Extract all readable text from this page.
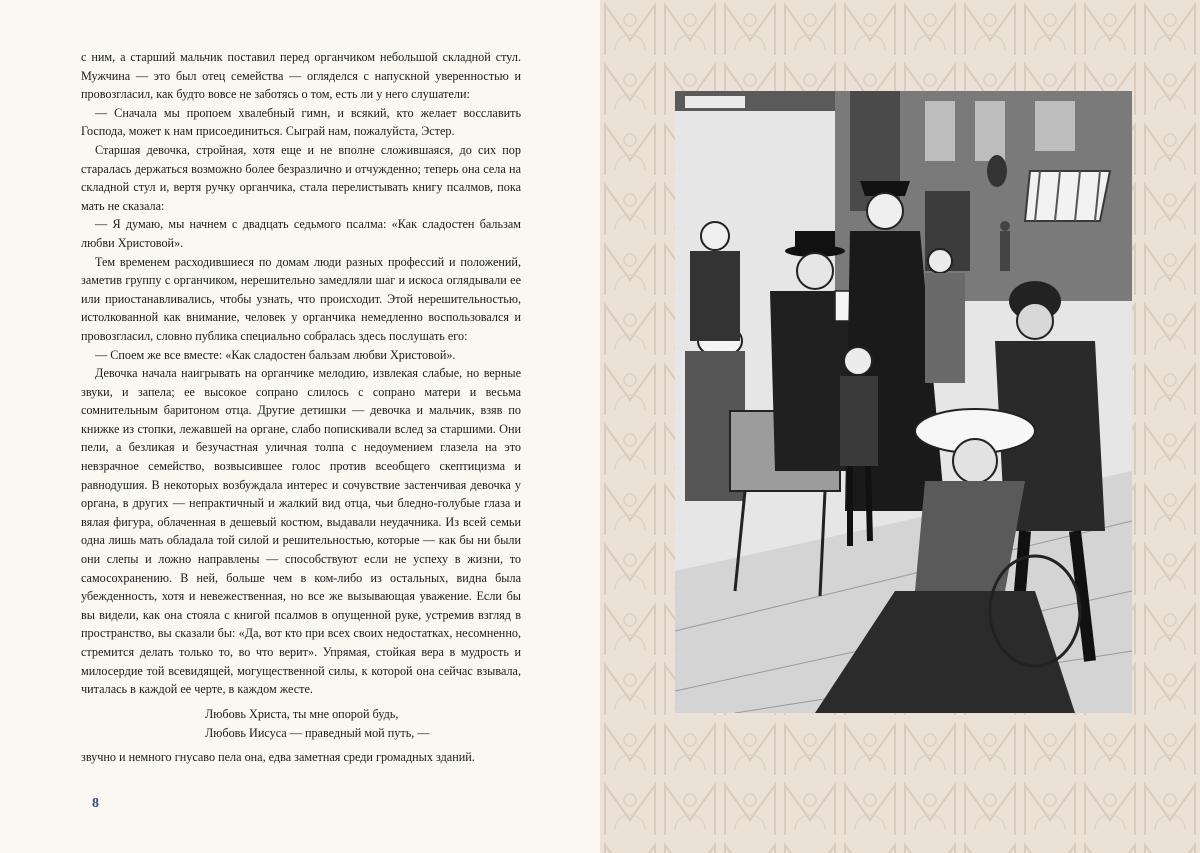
с ним, а старший мальчик поставил перед органчиком небольшой складной стул. Мужчина — это был отец семейства — огляделся с напускной уверенностью и провозгласил, как будто вовсе не заботясь о том, есть ли у него слушатели:

— Сначала мы пропоем хвалебный гимн, и всякий, кто желает восславить Господа, может к нам присоединиться. Сыграй нам, пожалуйста, Эстер.

Старшая девочка, стройная, хотя еще и не вполне сложившаяся, до сих пор старалась держаться возможно более безразлично и отчужденно; теперь она села на складной стул и, вертя ручку органчика, стала перелистывать книгу псалмов, пока мать не сказала:

— Я думаю, мы начнем с двадцать седьмого псалма: «Как сладостен бальзам любви Христовой».

Тем временем расходившиеся по домам люди разных профессий и положений, заметив группу с органчиком, нерешительно замедляли шаг и искоса оглядывали ее или приостанавливались, чтобы узнать, что происходит. Этой нерешительностью, истолкованной как внимание, человек у органчика немедленно воспользовался и провозгласил, словно публика специально собралась здесь послушать его:

— Споем же все вместе: «Как сладостен бальзам любви Христовой».

Девочка начала наигрывать на органчике мелодию, извлекая слабые, но верные звуки, и запела; ее высокое сопрано слилось с сопрано матери и весьма сомнительным баритоном отца. Другие детишки — девочка и мальчик, взяв по книжке из стопки, лежавшей на органе, слабо попискивали вслед за старшими. Они пели, а безликая и безучастная уличная толпа с недоумением глазела на это невзрачное семейство, возвысившее голос против всеобщего скептицизма и равнодушия. В некоторых возбуждала интерес и сочувствие застенчивая девочка у органа, в других — непрактичный и жалкий вид отца, чьи бледно-голубые глаза и вялая фигура, облаченная в дешевый костюм, выдавали неудачника. Из всей семьи одна лишь мать обладала той силой и решительностью, которые — как бы ни были они слепы и ложно направлены — способствуют если не успеху в жизни, то самосохранению. В ней, больше чем в ком-либо из остальных, видна была убежденность, хотя и невежественная, но все же вызывающая уважение. Если бы вы видели, как она стояла с книгой псалмов в опущенной руке, устремив взгляд в пространство, вы сказали бы: «Да, вот кто при всех своих недостатках, несомненно, стремится делать только то, во что верит». Упрямая, стойкая вера в мудрость и милосердие той всевидящей, могущественной силы, к которой она сейчас взывала, читалась в каждой ее черте, в каждом жесте.

Любовь Христа, ты мне опорой будь,
Любовь Иисуса — праведный мой путь, —
звучно и немного гнусаво пела она, едва заметная среди громадных зданий.
8
